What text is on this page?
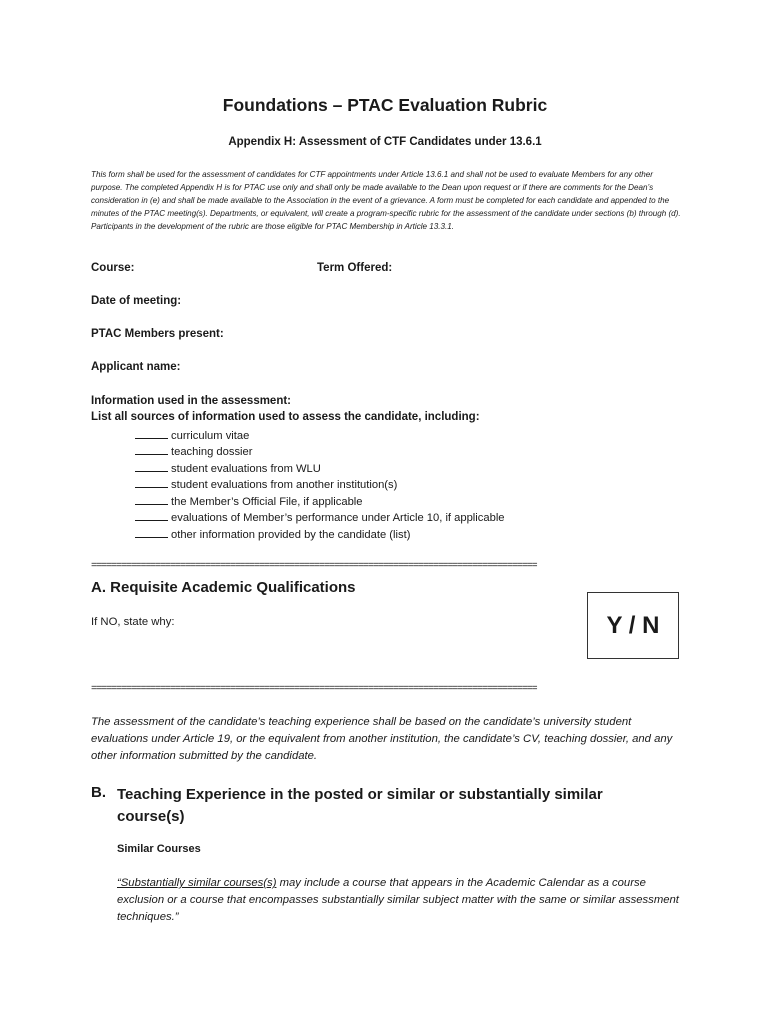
Foundations – PTAC Evaluation Rubric
Appendix H: Assessment of CTF Candidates under 13.6.1
This form shall be used for the assessment of candidates for CTF appointments under Article 13.6.1 and shall not be used to evaluate Members for any other purpose. The completed Appendix H is for PTAC use only and shall only be made available to the Dean upon request or if there are comments for the Dean’s consideration in (e) and shall be made available to the Association in the event of a grievance. A form must be completed for each candidate and appended to the minutes of the PTAC meeting(s). Departments, or equivalent, will create a program-specific rubric for the assessment of the candidate under sections (b) through (d). Participants in the development of the rubric are those eligible for PTAC Membership in Article 13.3.1.
Course:	Term Offered:
Date of meeting:
PTAC Members present:
Applicant name:
Information used in the assessment:
List all sources of information used to assess the candidate, including:
curriculum vitae
teaching dossier
student evaluations from WLU
student evaluations from another institution(s)
the Member’s Official File, if applicable
evaluations of Member’s performance under Article 10, if applicable
other information provided by the candidate (list)
==========================================================================================
A. Requisite Academic Qualifications
If NO, state why:	Y / N
==========================================================================================
The assessment of the candidate’s teaching experience shall be based on the candidate’s university student evaluations under Article 19, or the equivalent from another institution, the candidate’s CV, teaching dossier, and any other information submitted by the candidate.
B. Teaching Experience in the posted or similar or substantially similar
course(s)
Similar Courses
“Substantially similar courses(s) may include a course that appears in the Academic Calendar as a course exclusion or a course that encompasses substantially similar subject matter with the same or similar assessment techniques.”
